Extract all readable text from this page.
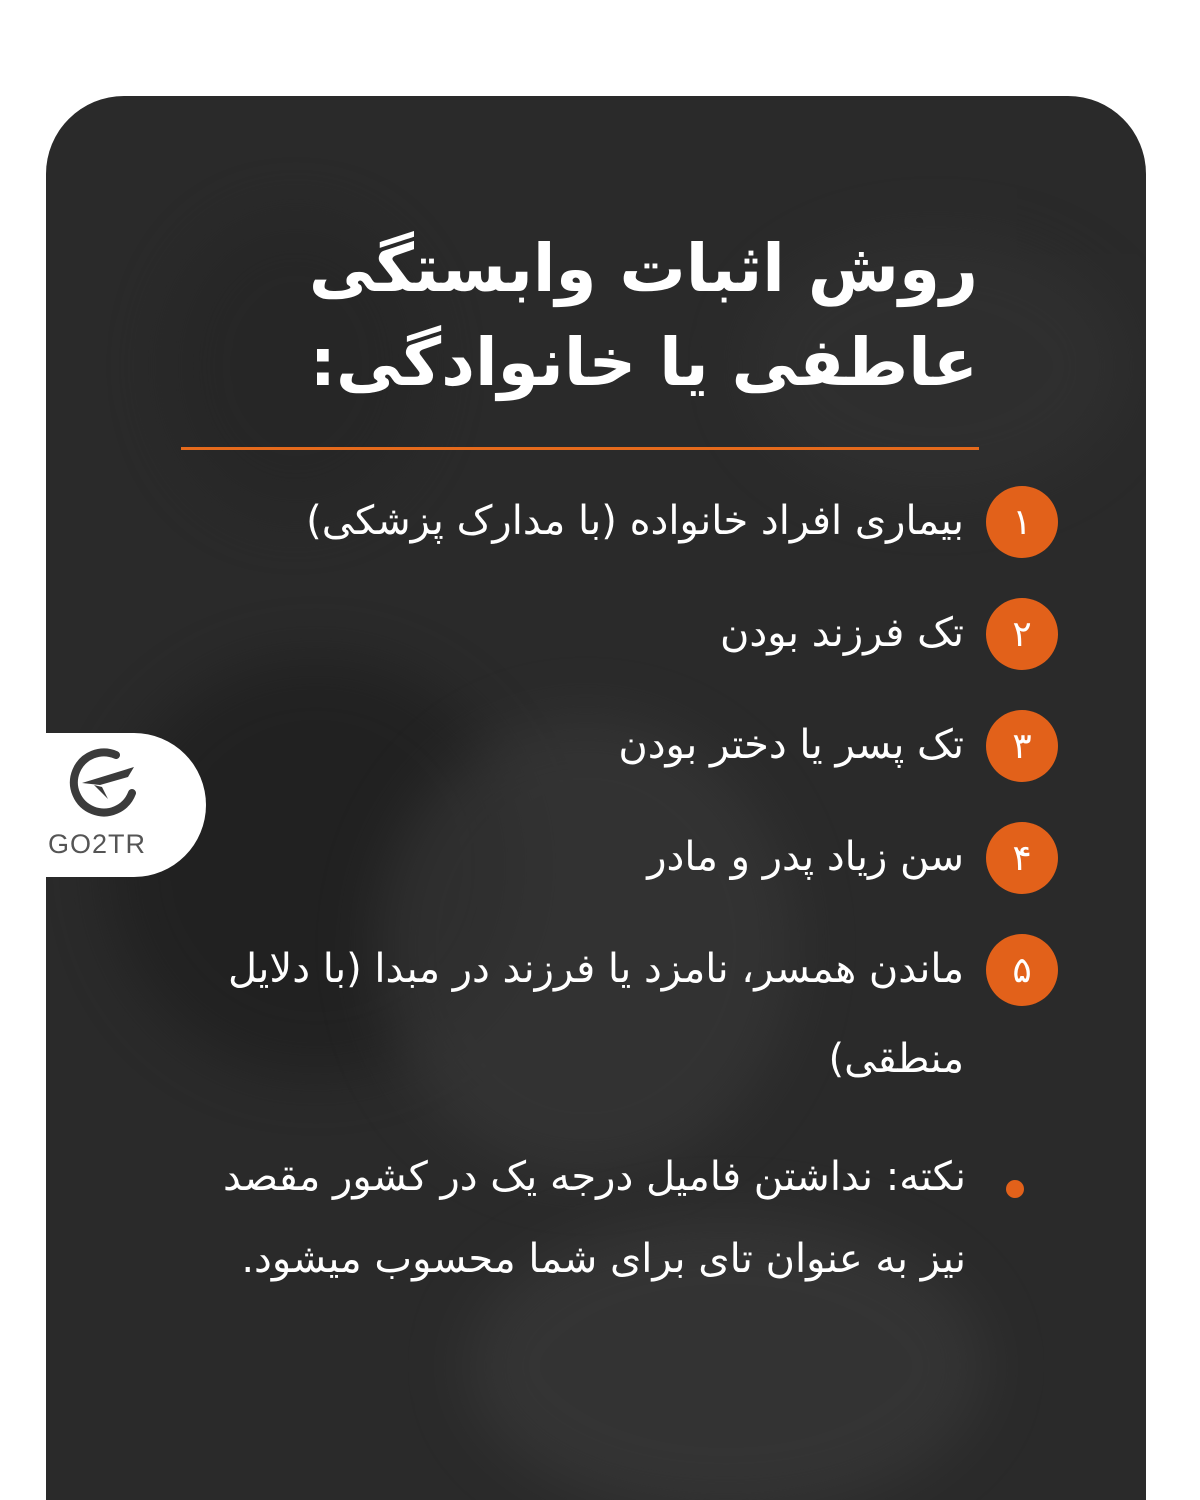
روش اثبات وابستگی
عاطفی یا خانوادگی:
۱
بیماری افراد خانواده (با مدارک پزشکی)
۲
تک فرزند بودن
۳
تک پسر یا دختر بودن
۴
سن زیاد پدر و مادر
۵
ماندن همسر، نامزد یا فرزند در مبدا (با دلایل منطقی)
نکته: نداشتن فامیل درجه یک در کشور مقصد نیز به عنوان تای برای شما محسوب میشود.
GO2TR
